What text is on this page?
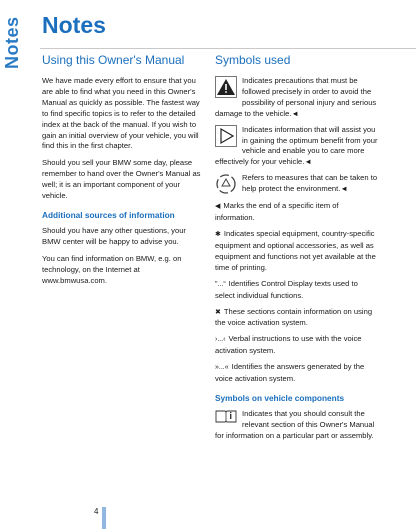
Notes Notes
Using this Owner's Manual

We have made every effort to ensure that you are able to find what you need in this Owner's Manual as quickly as possible. The fastest way to find specific topics is to refer to the detailed index at the back of the manual. If you wish to gain an initial overview of your vehicle, you will find this in the first chapter.

Should you sell your BMW some day, please remember to hand over the Owner's Manual as well; it is an important component of your vehicle.

Additional sources of information

Should you have any other questions, your BMW center will be happy to advise you.

You can find information on BMW, e.g. on technology, on the Internet at www.bmwusa.com.

Symbols used
Indicates precautions that must be followed precisely in order to avoid the possibility of personal injury and serious damage to the vehicle.◄
Indicates information that will assist you in gaining the optimum benefit from your vehicle and enable you to care more effectively for your vehicle.◄
Refers to measures that can be taken to help protect the environment.◄
◀ Marks the end of a specific item of information.
✱ Indicates special equipment, country-specific equipment and optional accessories, as well as equipment and functions not yet available at the time of printing.
"...“ Identifies Control Display texts used to select individual functions.
✖​ These sections contain information on using the voice activation system.
›...‹ Verbal instructions to use with the voice activation system.
»...« Identifies the answers generated by the voice activation system.
Symbols on vehicle components
Indicates that you should consult the relevant section of this Owner's Manual for information on a particular part or assembly.
4
